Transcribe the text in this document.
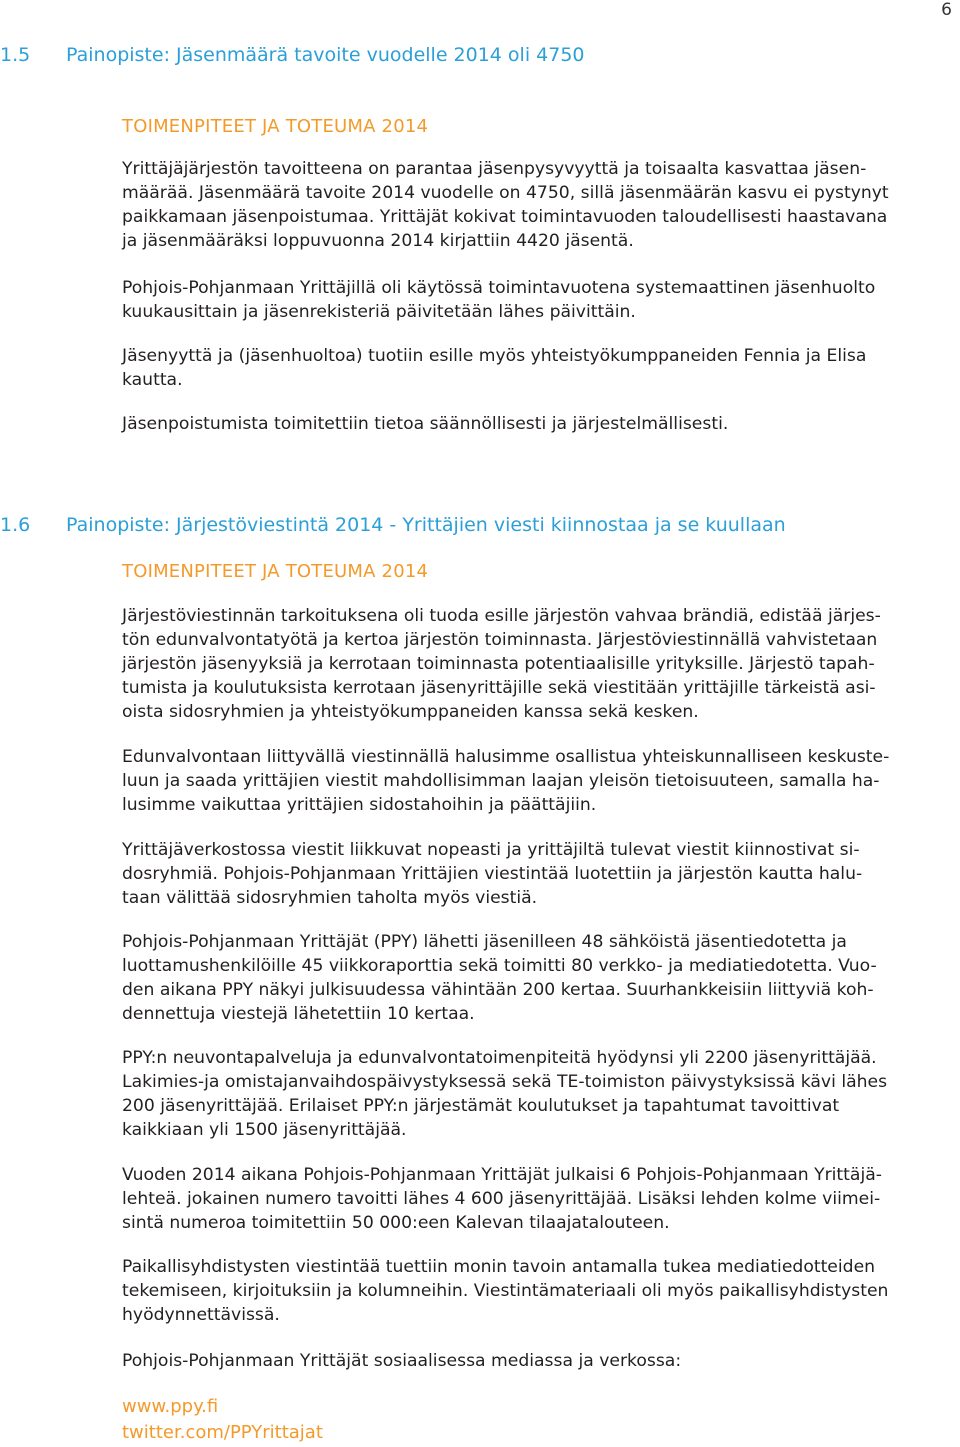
6
1.5 Painopiste: Jäsenmäärä tavoite vuodelle 2014 oli 4750
TOIMENPITEET JA TOTEUMA 2014

Yrittäjäjärjestön tavoitteena on parantaa jäsenpysyvyyttä ja toisaalta kasvattaa jäsen-
määrää. Jäsenmäärä tavoite 2014 vuodelle on 4750, sillä jäsenmäärän kasvu ei pystynyt
paikkamaan jäsenpoistumaa. Yrittäjät kokivat toimintavuoden taloudellisesti haastavana
ja jäsenmääräksi loppuvuonna 2014 kirjattiin 4420 jäsentä.

Pohjois-Pohjanmaan Yrittäjillä oli käytössä toimintavuotena systemaattinen jäsenhuolto
kuukausittain ja jäsenrekisteriä päivitetään lähes päivittäin.

Jäsenyyttä ja (jäsenhuoltoa) tuotiin esille myös yhteistyökumppaneiden Fennia ja Elisa
kautta.

Jäsenpoistumista toimitettiin tietoa säännöllisesti ja järjestelmällisesti.

1.6 Painopiste: Järjestöviestintä 2014 - Yrittäjien viesti kiinnostaa ja se kuullaan
TOIMENPITEET JA TOTEUMA 2014

Järjestöviestinnän tarkoituksena oli tuoda esille järjestön vahvaa brändiä, edistää järjes-
tön edunvalvontatyötä ja kertoa järjestön toiminnasta. Järjestöviestinnällä vahvistetaan
järjestön jäsenyyksiä ja kerrotaan toiminnasta potentiaalisille yrityksille. Järjestö tapah-
tumista ja koulutuksista kerrotaan jäsenyrittäjille sekä viestitään yrittäjille tärkeistä asi-
oista sidosryhmien ja yhteistyökumppaneiden kanssa sekä kesken.

Edunvalvontaan liittyvällä viestinnällä halusimme osallistua yhteiskunnalliseen keskuste-
luun ja saada yrittäjien viestit mahdollisimman laajan yleisön tietoisuuteen, samalla ha-
lusimme vaikuttaa yrittäjien sidostahoihin ja päättäjiin.

Yrittäjäverkostossa viestit liikkuvat nopeasti ja yrittäjiltä tulevat viestit kiinnostivat si-
dosryhmiä. Pohjois-Pohjanmaan Yrittäjien viestintää luotettiin ja järjestön kautta halu-
taan välittää sidosryhmien taholta myös viestiä.

Pohjois-Pohjanmaan Yrittäjät (PPY) lähetti jäsenilleen 48 sähköistä jäsentiedotetta ja
luottamushenkilöille 45 viikkoraporttia sekä toimitti 80 verkko- ja mediatiedotetta. Vuo-
den aikana PPY näkyi julkisuudessa vähintään 200 kertaa. Suurhankkeisiin liittyviä koh-
dennettuja viestejä lähetettiin 10 kertaa.

PPY:n neuvontapalveluja ja edunvalvontatoimenpiteitä hyödynsi yli 2200 jäsenyrittäjää.
Lakimies-ja omistajanvaihdospäivystyksessä sekä TE-toimiston päivystyksissä kävi lähes
200 jäsenyrittäjää. Erilaiset PPY:n järjestämät koulutukset ja tapahtumat tavoittivat
kaikkiaan yli 1500 jäsenyrittäjää.

Vuoden 2014 aikana Pohjois-Pohjanmaan Yrittäjät julkaisi 6 Pohjois-Pohjanmaan Yrittäjä-
lehteä. jokainen numero tavoitti lähes 4 600 jäsenyrittäjää. Lisäksi lehden kolme viimei-
sintä numeroa toimitettiin 50 000:een Kalevan tilaajatalouteen.

Paikallisyhdistysten viestintää tuettiin monin tavoin antamalla tukea mediatiedotteiden
tekemiseen, kirjoituksiin ja kolumneihin. Viestintämateriaali oli myös paikallisyhdistysten
hyödynnettävissä.

Pohjois-Pohjanmaan Yrittäjät sosiaalisessa mediassa ja verkossa:

www.ppy.fi
twitter.com/PPYrittajat
